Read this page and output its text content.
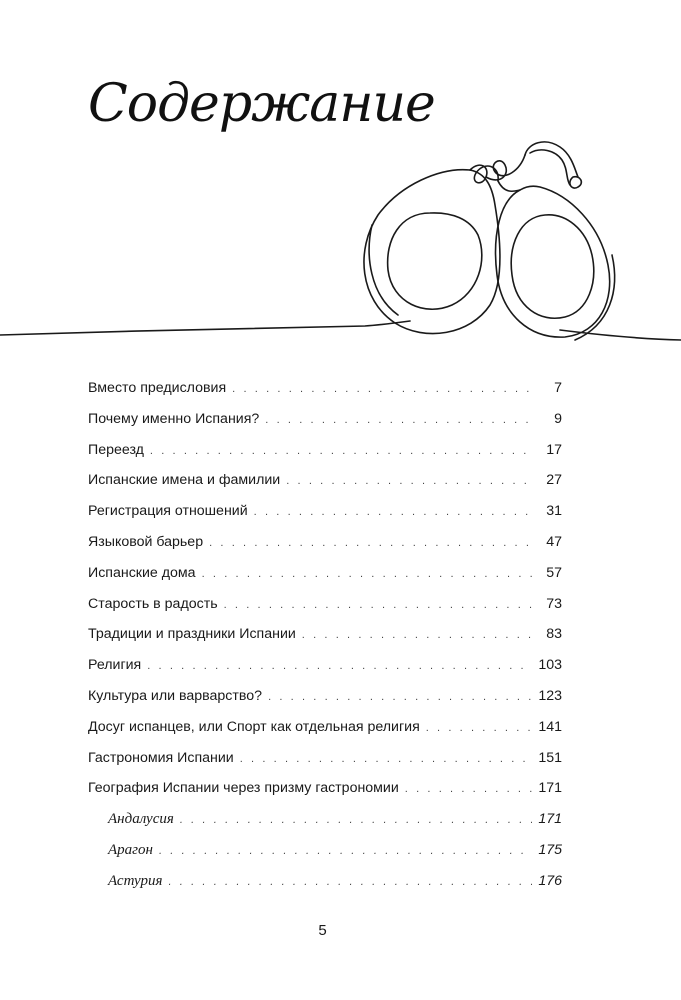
Содержание
Вместо предисловия . . .	7
Почему именно Испания? . . .	9
Переезд . . .	17
Испанские имена и фамилии . . .	27
Регистрация отношений . . .	31
Языковой барьер . . .	47
Испанские дома . . .	57
Старость в радость . . .	73
Традиции и праздники Испании . . .	83
Религия . . .	103
Культура или варварство? . . .	123
Досуг испанцев, или Спорт как отдельная религия . . .	141
Гастрономия Испании . . .	151
География Испании через призму гастрономии . . .	171
Андалусия . . .	171
Арагон . . .	175
Астурия . . .	176
5
